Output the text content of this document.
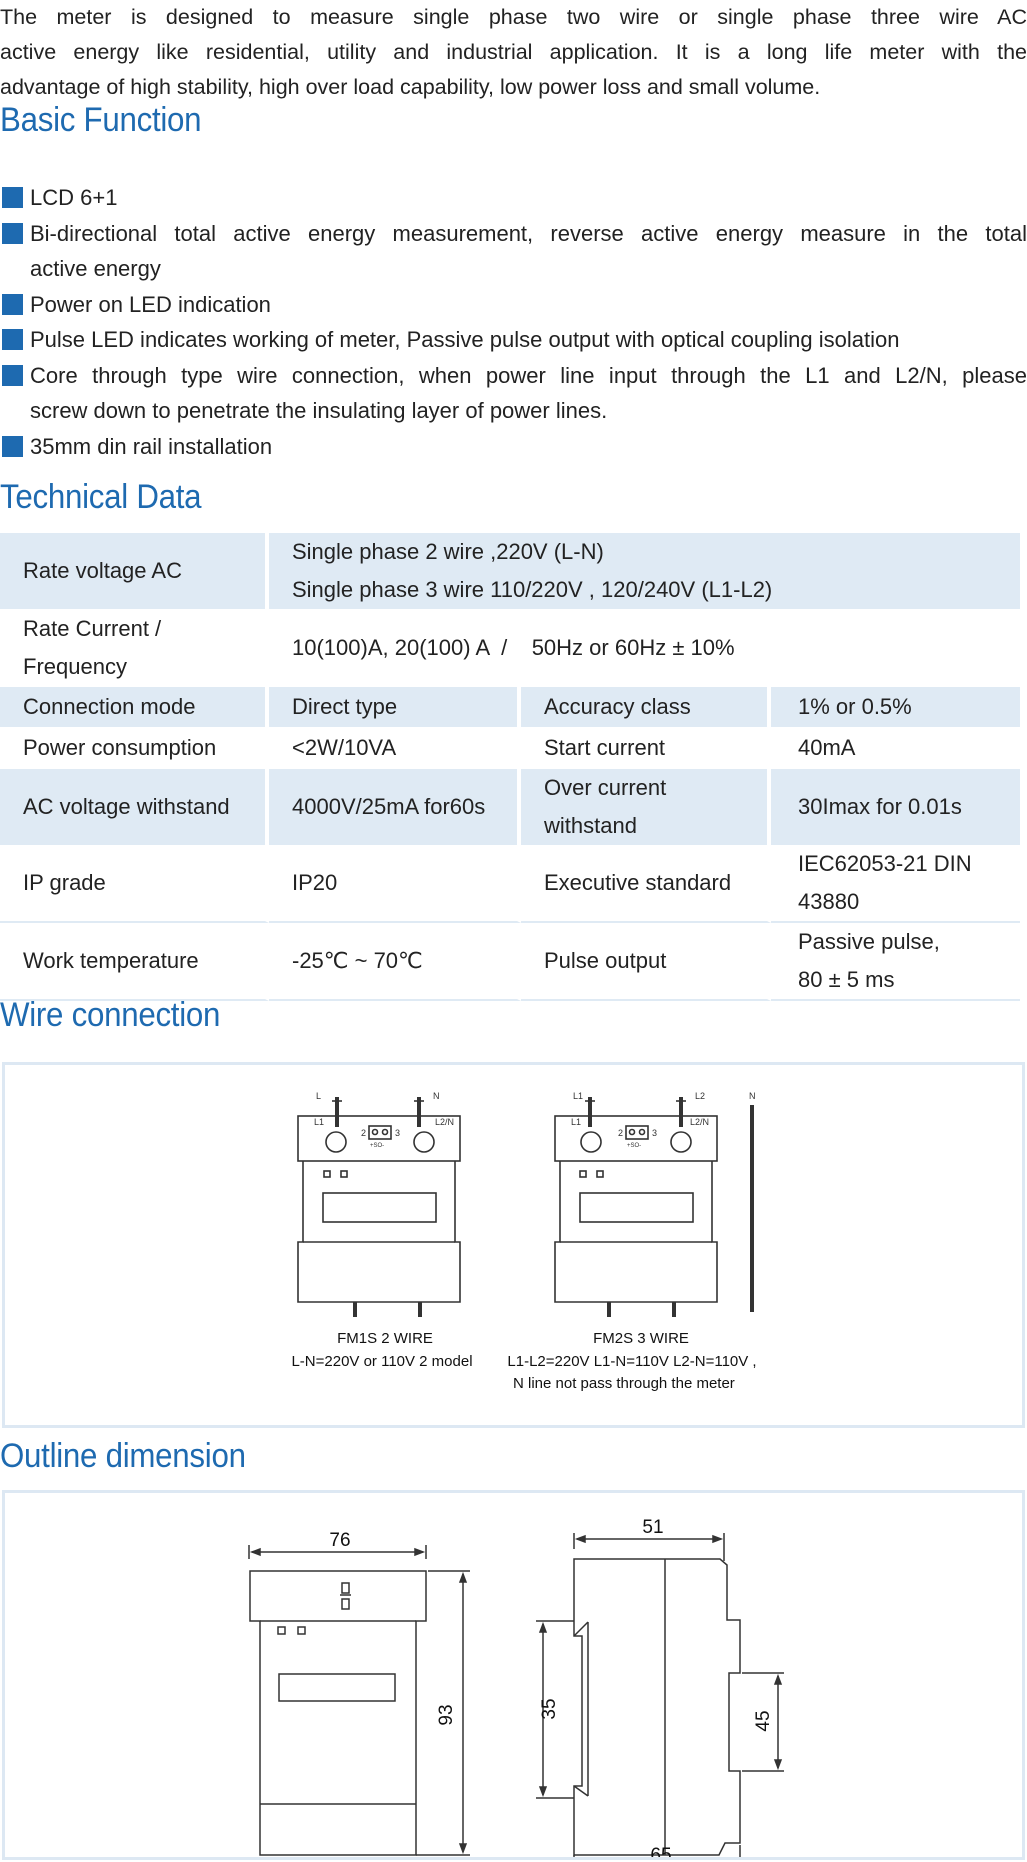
The meter is designed to measure single phase two wire or single phase three wire AC
active energy like residential, utility and industrial application. It is a long life meter with the
advantage of high stability, high over load capability, low power loss and small volume.

Basic Function
LCD 6+1
Bi-directional total active energy measurement, reverse active energy measure in the total
active energy
Power on LED indication
Pulse LED indicates working of meter, Passive pulse output with optical coupling isolation
Core through type wire connection, when power line input through the L1 and L2/N, please
screw down to penetrate the insulating layer of power lines.
35mm din rail installation
Technical Data
Rate voltage AC	Single phase 2 wire ,220V (L-N)
Single phase 3 wire 110/220V , 120/240V (L1-L2)		

Rate Current /
Frequency	10(100)A, 20(100) A  /    50Hz or 60Hz ± 10%		
Connection mode	Direct type	Accuracy class	1% or 0.5%
Power consumption	<2W/10VA	Start current	40mA
AC voltage withstand	4000V/25mA for60s	Over current
withstand	30Imax for 0.01s
IP grade	IP20	Executive standard	IEC62053-21 DIN
43880

Work temperature	-25℃ ~ 70℃	Pulse output	Passive pulse,
80 ± 5 ms
Wire connection
L	N
L1	L2/N
2	3
+SO-
L1	L2
L1	L2/N
N
2	3
+SO-
FM1S 2 WIRE
L-N=220V or 110V 2 model
FM2S 3 WIRE
L1-L2=220V L1-N=110V L2-N=110V ,
N line not pass through the meter
Outline dimension
76
93
51
35
45
65
